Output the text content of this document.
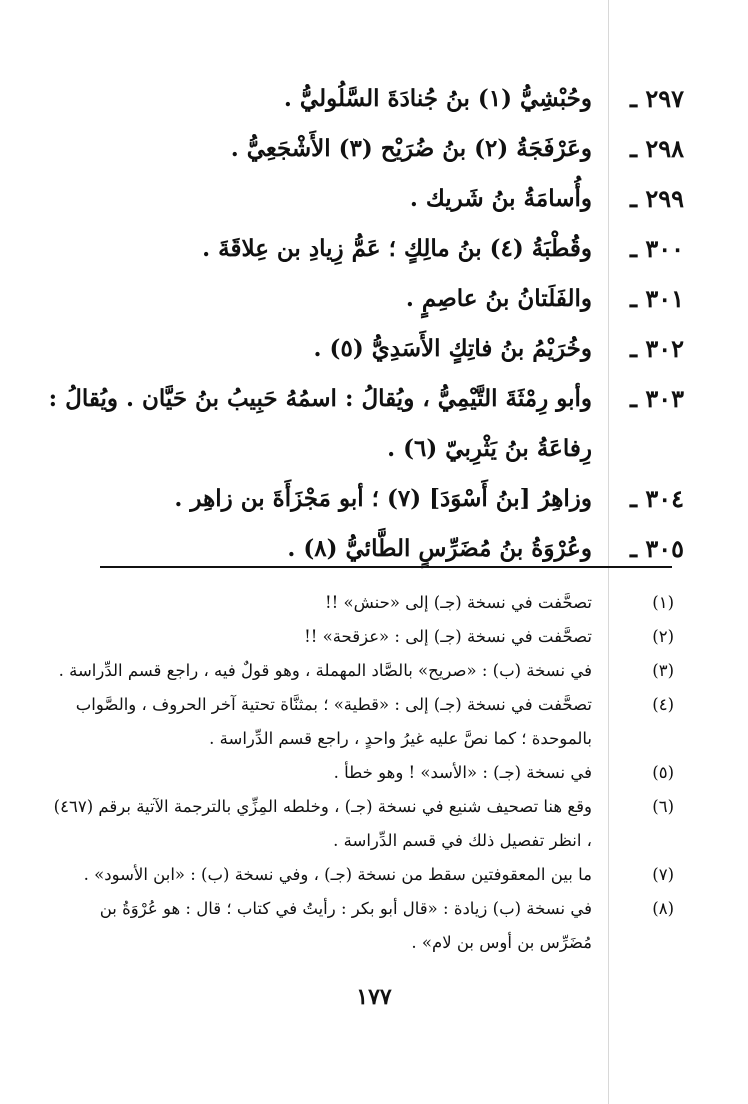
٢٩٧ ـ
وحُبْشِيُّ (١) بنُ جُنادَةَ السَّلُوليُّ .
٢٩٨ ـ
وعَرْفَجَةُ (٢) بنُ ضُرَيْح (٣) الأَشْجَعِيُّ .
٢٩٩ ـ
وأُسامَةُ بنُ شَريك .
٣٠٠ ـ
وقُطْبَةُ (٤) بنُ مالِكٍ ؛ عَمُّ زِيادِ بن عِلاقَةَ .
٣٠١ ـ
والفَلَتانُ بنُ عاصِمٍ .
٣٠٢ ـ
وخُرَيْمُ بنُ فاتِكٍ الأَسَدِيُّ (٥) .
٣٠٣ ـ
وأبو رِمْثَةَ التَّيْمِيُّ ، ويُقالُ : اسمُهُ حَبِيبُ بنُ حَيَّان . ويُقالُ : رِفاعَةُ بنُ يَثْرِبيّ (٦) .
٣٠٤ ـ
وزاهِرُ [بنُ أَسْوَدَ] (٧) ؛ أبو مَجْزَأَةَ بن زاهِر .
٣٠٥ ـ
وعُرْوَةُ بنُ مُضَرِّسٍ الطَّائيُّ (٨) .
(١)
تصحَّفت في نسخة (جـ) إلى «حنش» !!
(٢)
تصحَّفت في نسخة (جـ) إلى : «عزقحة» !!
(٣)
في نسخة (ب) : «صريح» بالصَّاد المهملة ، وهو قولٌ فيه ، راجع قسم الدِّراسة .
(٤)
تصحَّفت في نسخة (جـ) إلى : «قطية» ؛ بمثنَّاة تحتية آخر الحروف ، والصَّواب بالموحدة ؛ كما نصَّ عليه غيرُ واحدٍ ، راجع قسم الدِّراسة .
(٥)
في نسخة (جـ) : «الأسد» ! وهو خطأ .
(٦)
وقع هنا تصحيف شنيع في نسخة (جـ) ، وخلطه المِزِّي بالترجمة الآتية برقم (٤٦٧) ، انظر تفصيل ذلك في قسم الدِّراسة .
(٧)
ما بين المعقوفتين سقط من نسخة (جـ) ، وفي نسخة (ب) : «ابن الأسود» .
(٨)
في نسخة (ب) زيادة : «قال أبو بكر : رأيتُ في كتاب ؛ قال : هو عُرْوَةُ بن مُضَرِّس بن أوس بن لام» .
١٧٧
